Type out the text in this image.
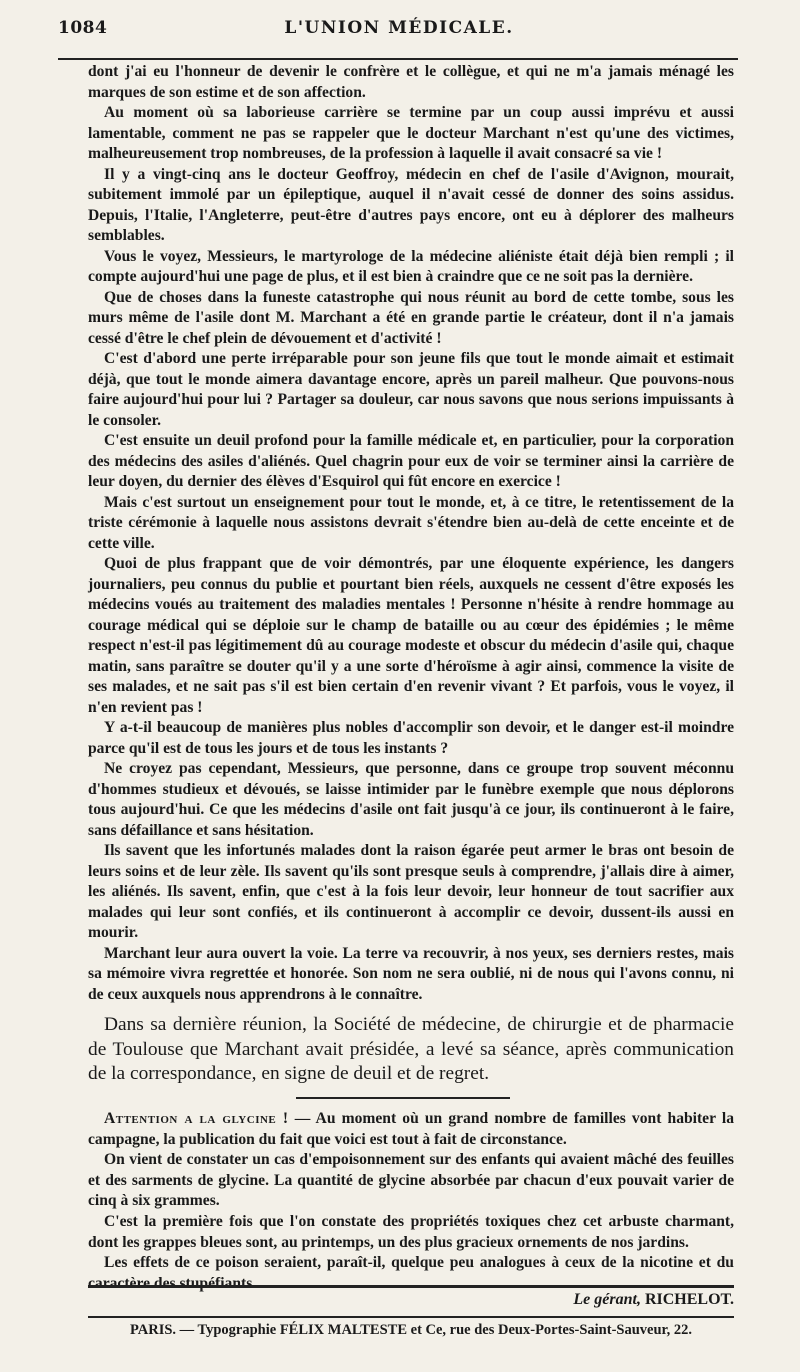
1084	L'UNION MÉDICALE.

dont j'ai eu l'honneur de devenir le confrère et le collègue, et qui ne m'a jamais ménagé les marques de son estime et de son affection.

Au moment où sa laborieuse carrière se termine par un coup aussi imprévu et aussi lamentable, comment ne pas se rappeler que le docteur Marchant n'est qu'une des victimes, malheureusement trop nombreuses, de la profession à laquelle il avait consacré sa vie !

Il y a vingt-cinq ans le docteur Geoffroy, médecin en chef de l'asile d'Avignon, mourait, subitement immolé par un épileptique, auquel il n'avait cessé de donner des soins assidus. Depuis, l'Italie, l'Angleterre, peut-être d'autres pays encore, ont eu à déplorer des malheurs semblables.

Vous le voyez, Messieurs, le martyrologe de la médecine aliéniste était déjà bien rempli ; il compte aujourd'hui une page de plus, et il est bien à craindre que ce ne soit pas la dernière.

Que de choses dans la funeste catastrophe qui nous réunit au bord de cette tombe, sous les murs même de l'asile dont M. Marchant a été en grande partie le créateur, dont il n'a jamais cessé d'être le chef plein de dévouement et d'activité !

C'est d'abord une perte irréparable pour son jeune fils que tout le monde aimait et estimait déjà, que tout le monde aimera davantage encore, après un pareil malheur. Que pouvons-nous faire aujourd'hui pour lui ? Partager sa douleur, car nous savons que nous serions impuissants à le consoler.

C'est ensuite un deuil profond pour la famille médicale et, en particulier, pour la corporation des médecins des asiles d'aliénés. Quel chagrin pour eux de voir se terminer ainsi la carrière de leur doyen, du dernier des élèves d'Esquirol qui fût encore en exercice !

Mais c'est surtout un enseignement pour tout le monde, et, à ce titre, le retentissement de la triste cérémonie à laquelle nous assistons devrait s'étendre bien au-delà de cette enceinte et de cette ville.

Quoi de plus frappant que de voir démontrés, par une éloquente expérience, les dangers journaliers, peu connus du publie et pourtant bien réels, auxquels ne cessent d'être exposés les médecins voués au traitement des maladies mentales ! Personne n'hésite à rendre hommage au courage médical qui se déploie sur le champ de bataille ou au cœur des épidémies ; le même respect n'est-il pas légitimement dû au courage modeste et obscur du médecin d'asile qui, chaque matin, sans paraître se douter qu'il y a une sorte d'héroïsme à agir ainsi, commence la visite de ses malades, et ne sait pas s'il est bien certain d'en revenir vivant ? Et parfois, vous le voyez, il n'en revient pas !

Y a-t-il beaucoup de manières plus nobles d'accomplir son devoir, et le danger est-il moindre parce qu'il est de tous les jours et de tous les instants ?

Ne croyez pas cependant, Messieurs, que personne, dans ce groupe trop souvent méconnu d'hommes studieux et dévoués, se laisse intimider par le funèbre exemple que nous déplorons tous aujourd'hui. Ce que les médecins d'asile ont fait jusqu'à ce jour, ils continueront à le faire, sans défaillance et sans hésitation.

Ils savent que les infortunés malades dont la raison égarée peut armer le bras ont besoin de leurs soins et de leur zèle. Ils savent qu'ils sont presque seuls à comprendre, j'allais dire à aimer, les aliénés. Ils savent, enfin, que c'est à la fois leur devoir, leur honneur de tout sacrifier aux malades qui leur sont confiés, et ils continueront à accomplir ce devoir, dussent-ils aussi en mourir.

Marchant leur aura ouvert la voie. La terre va recouvrir, à nos yeux, ses derniers restes, mais sa mémoire vivra regrettée et honorée. Son nom ne sera oublié, ni de nous qui l'avons connu, ni de ceux auxquels nous apprendrons à le connaître.

Dans sa dernière réunion, la Société de médecine, de chirurgie et de pharmacie de Toulouse que Marchant avait présidée, a levé sa séance, après communication de la correspondance, en signe de deuil et de regret.

Attention a la glycine ! — Au moment où un grand nombre de familles vont habiter la campagne, la publication du fait que voici est tout à fait de circonstance.

On vient de constater un cas d'empoisonnement sur des enfants qui avaient mâché des feuilles et des sarments de glycine. La quantité de glycine absorbée par chacun d'eux pouvait varier de cinq à six grammes.

C'est la première fois que l'on constate des propriétés toxiques chez cet arbuste charmant, dont les grappes bleues sont, au printemps, un des plus gracieux ornements de nos jardins.

Les effets de ce poison seraient, paraît-il, quelque peu analogues à ceux de la nicotine et du caractère des stupéfiants.

Le gérant, RICHELOT.
PARIS. — Typographie FÉLIX MALTESTE et Ce, rue des Deux-Portes-Saint-Sauveur, 22.
